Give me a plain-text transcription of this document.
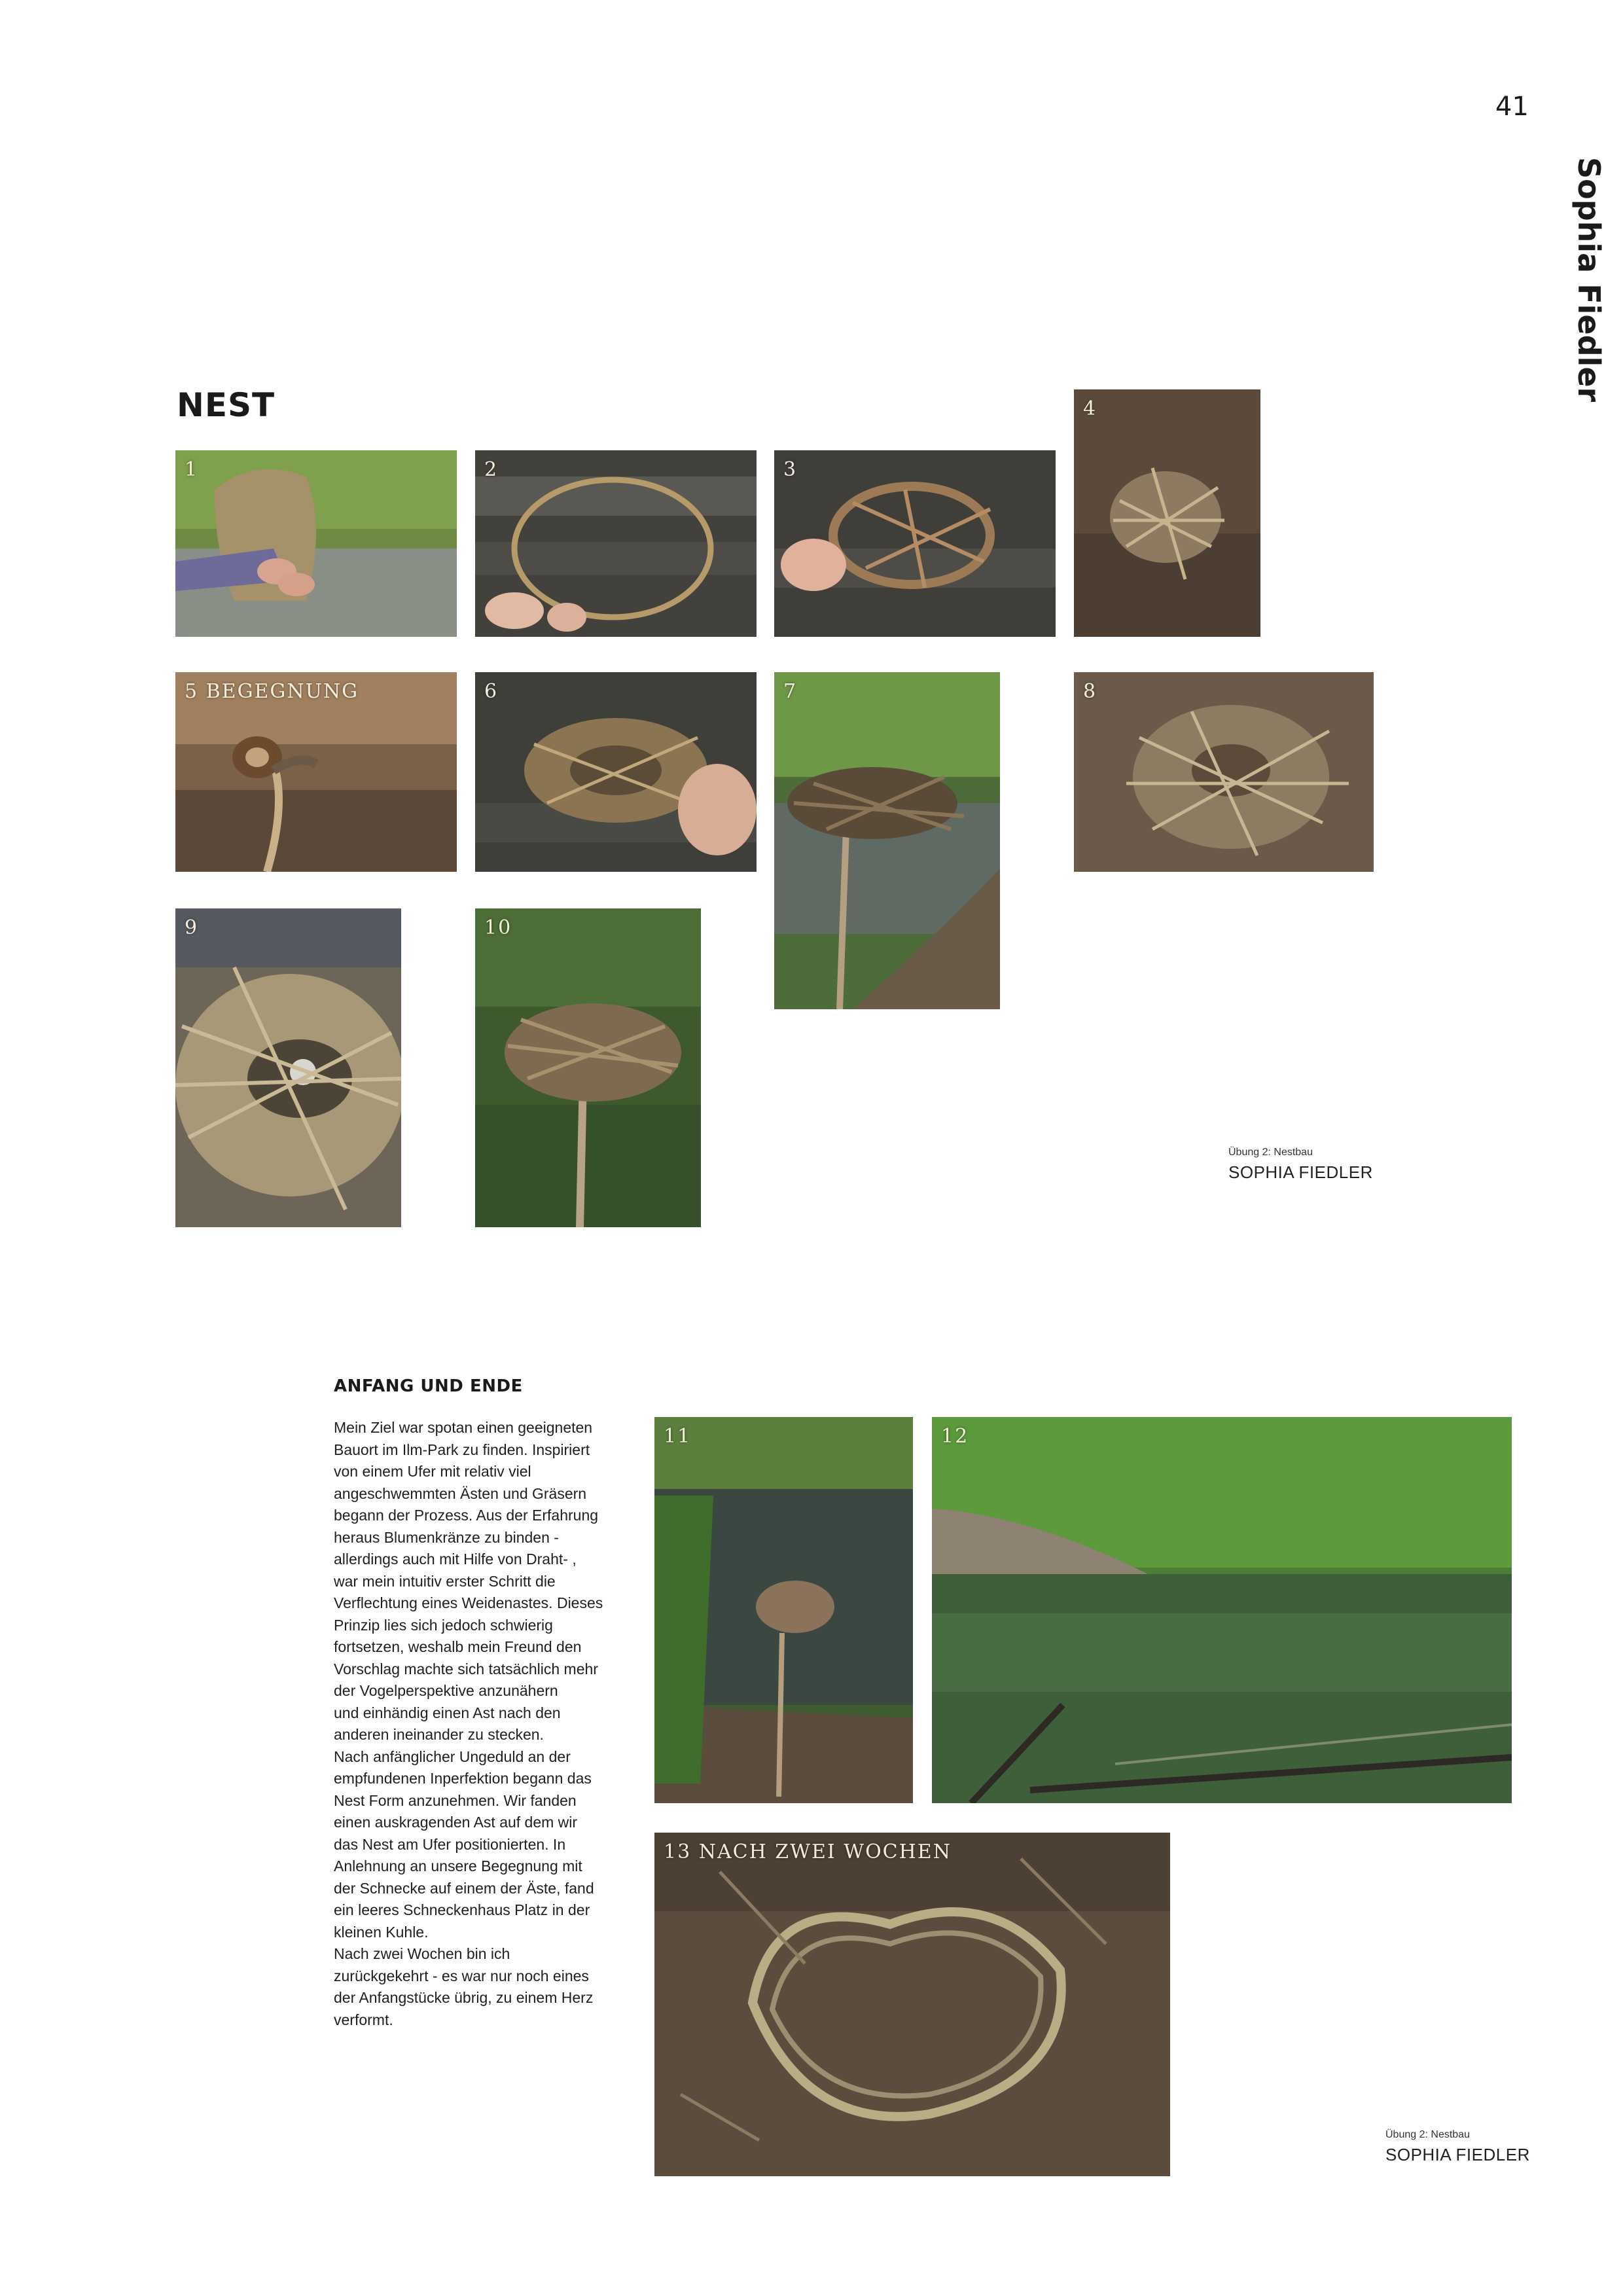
41
Sophia Fiedler
NEST
1	2	3
4
5 BEGEGNUNG	6	7	8
9	10
Übung 2: Nestbau
SOPHIA FIEDLER
ANFANG UND ENDE
Mein Ziel war spotan einen geeigneten
Bauort im Ilm-Park zu finden. Inspiriert
von einem Ufer mit relativ viel
angeschwemmten Ästen und Gräsern
begann der Prozess. Aus der Erfahrung
heraus Blumenkränze zu binden -
allerdings auch mit Hilfe von Draht- ,
war mein intuitiv erster Schritt die
Verflechtung eines Weidenastes. Dieses
Prinzip lies sich jedoch schwierig
fortsetzen, weshalb mein Freund den
Vorschlag machte sich tatsächlich mehr
der Vogelperspektive anzunähern
und einhändig einen Ast nach den
anderen ineinander zu stecken.
Nach anfänglicher Ungeduld an der
empfundenen Inperfektion begann das
Nest Form anzunehmen. Wir fanden
einen auskragenden Ast auf dem wir
das Nest am Ufer positionierten. In
Anlehnung an unsere Begegnung mit
der Schnecke auf einem der Äste, fand
ein leeres Schneckenhaus Platz in der
kleinen Kuhle.
Nach zwei Wochen bin ich
zurückgekehrt - es war nur noch eines
der Anfangstücke übrig, zu einem Herz
verformt.
11	12
13 NACH ZWEI WOCHEN
Übung 2: Nestbau
SOPHIA FIEDLER
